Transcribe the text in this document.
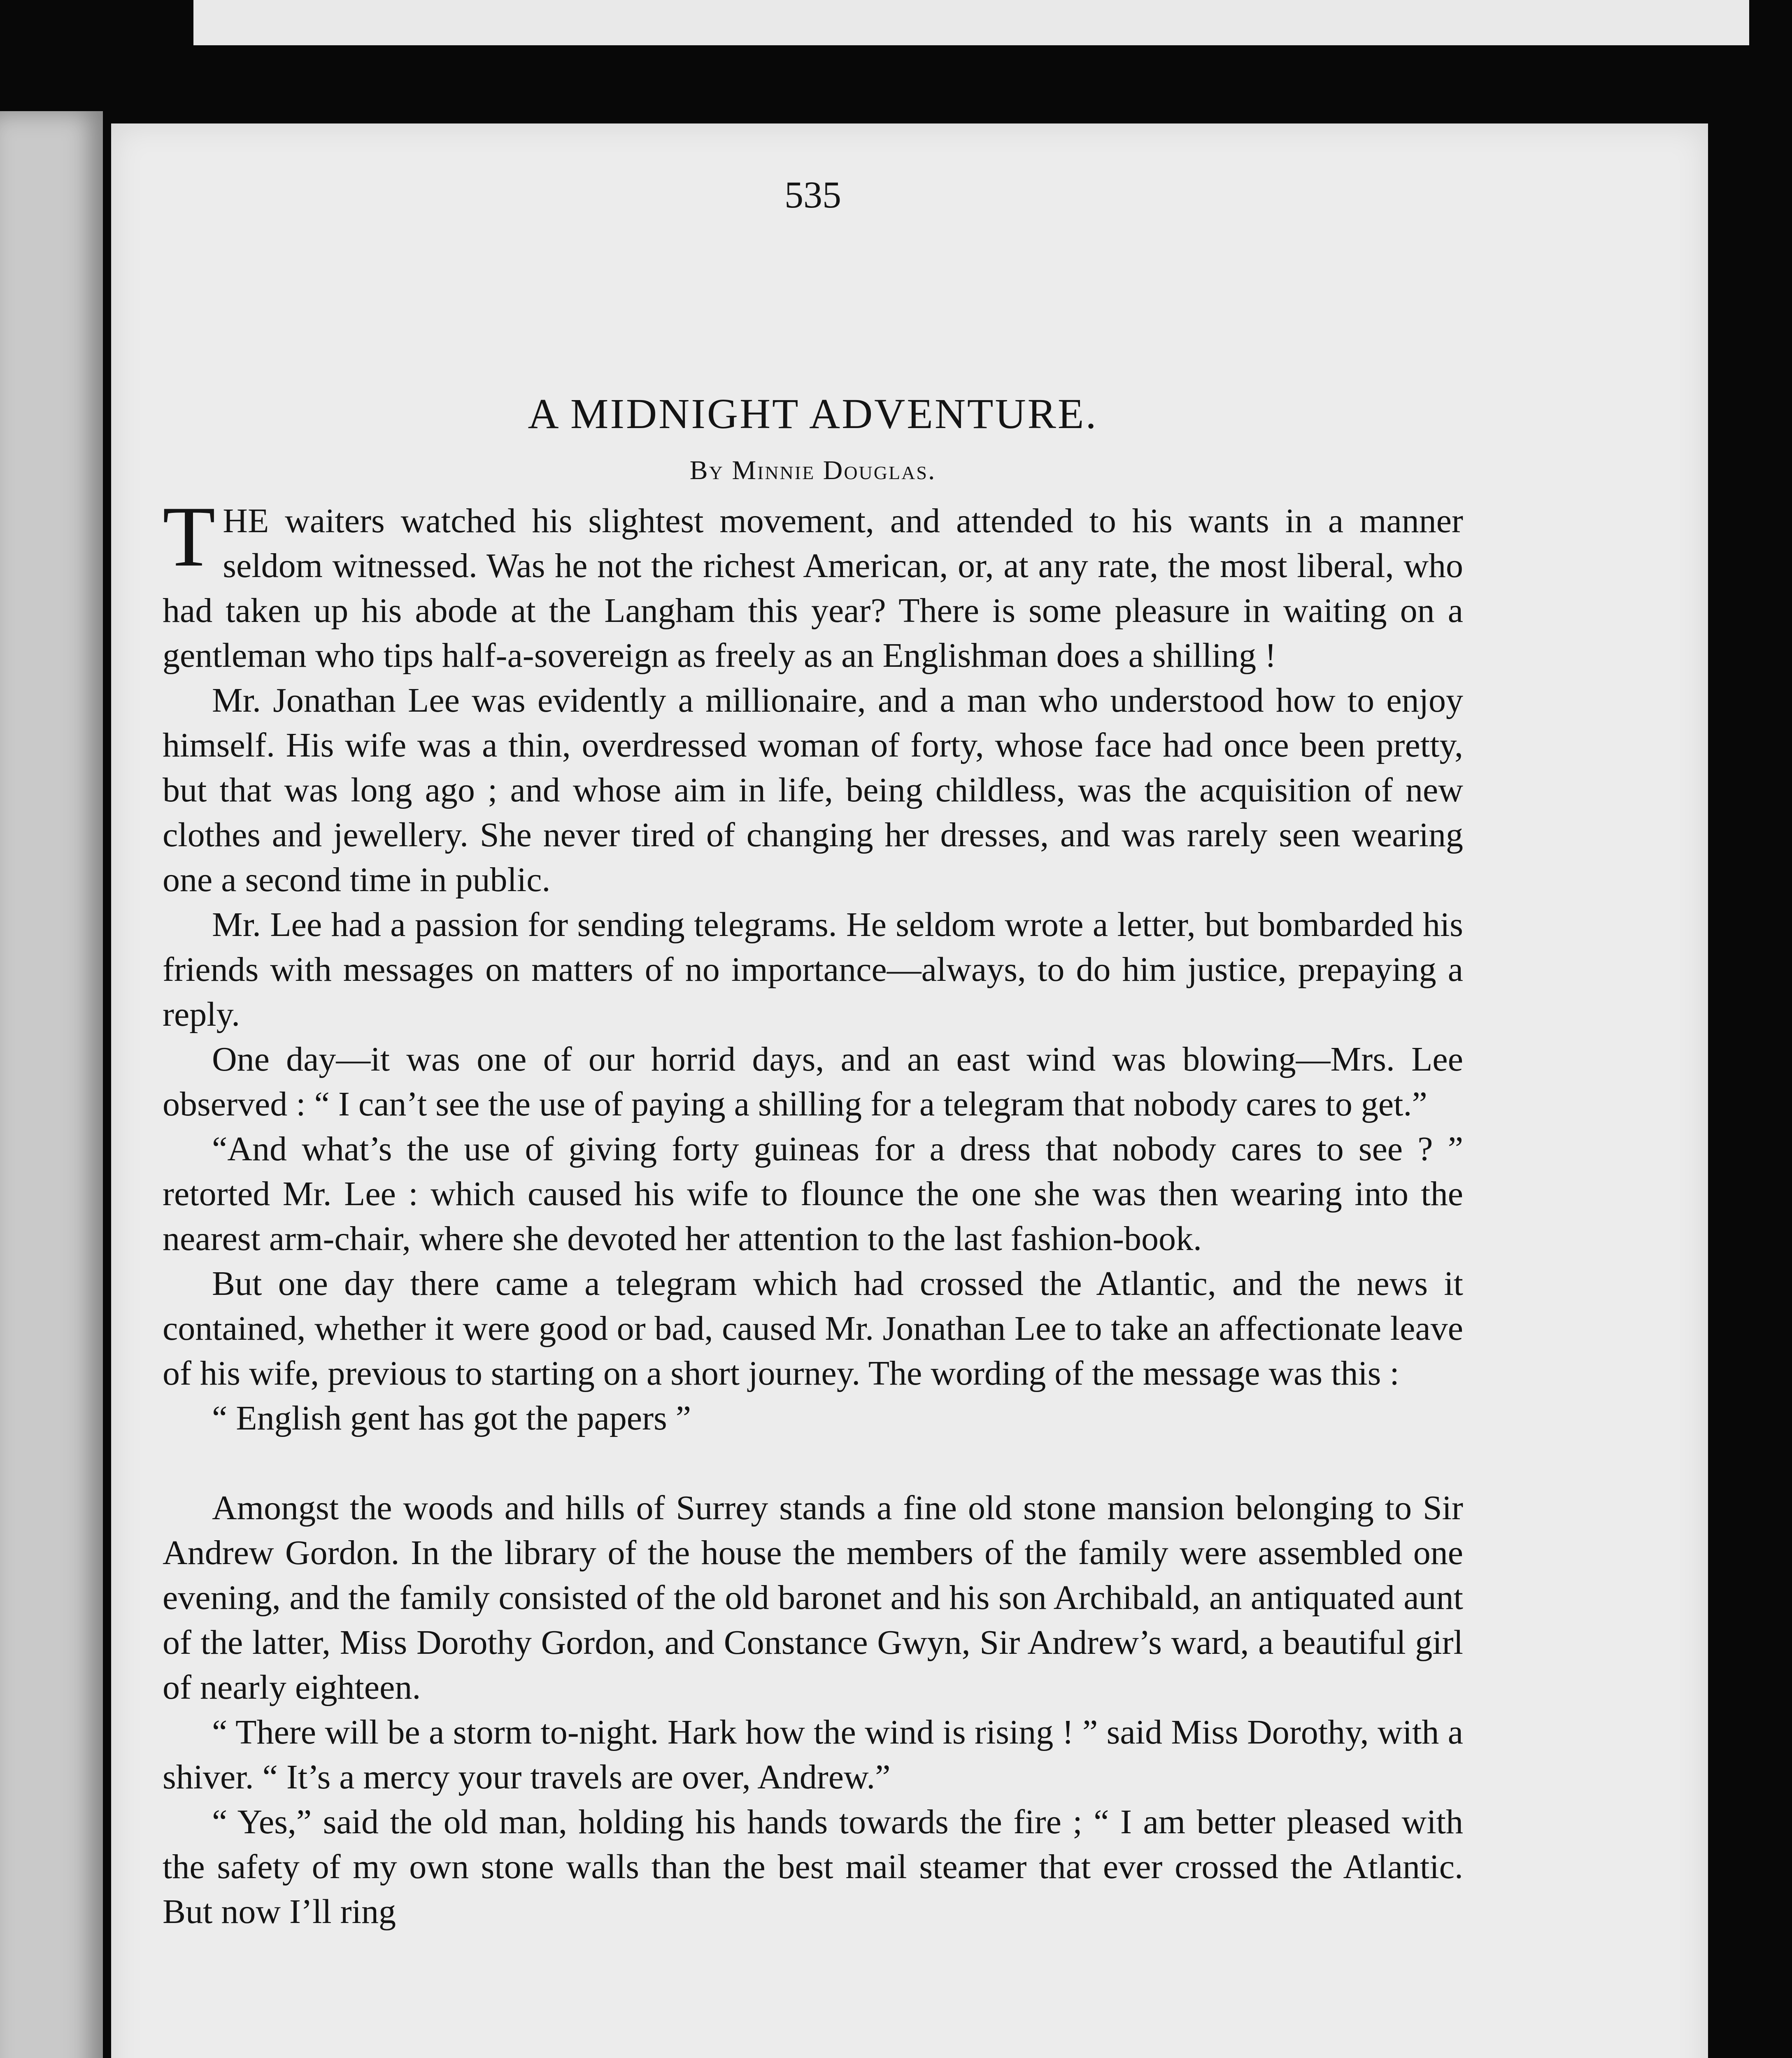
535
A MIDNIGHT ADVENTURE.
By Minnie Douglas.

T HE waiters watched his slightest movement, and attended to his wants in a manner seldom witnessed. Was he not the richest American, or, at any rate, the most liberal, who had taken up his abode at the Langham this year? There is some pleasure in waiting on a gentleman who tips half-a-sovereign as freely as an Englishman does a shilling !

Mr. Jonathan Lee was evidently a millionaire, and a man who understood how to enjoy himself. His wife was a thin, overdressed woman of forty, whose face had once been pretty, but that was long ago ; and whose aim in life, being childless, was the acquisition of new clothes and jewellery. She never tired of changing her dresses, and was rarely seen wearing one a second time in public.

Mr. Lee had a passion for sending telegrams. He seldom wrote a letter, but bombarded his friends with messages on matters of no importance—always, to do him justice, prepaying a reply.

One day—it was one of our horrid days, and an east wind was blowing—Mrs. Lee observed : “ I can’t see the use of paying a shilling for a telegram that nobody cares to get.”

“And what’s the use of giving forty guineas for a dress that nobody cares to see ? ” retorted Mr. Lee : which caused his wife to flounce the one she was then wearing into the nearest arm-chair, where she devoted her attention to the last fashion-book.

But one day there came a telegram which had crossed the Atlantic, and the news it contained, whether it were good or bad, caused Mr. Jonathan Lee to take an affectionate leave of his wife, previous to starting on a short journey. The wording of the message was this :

“ English gent has got the papers ”

Amongst the woods and hills of Surrey stands a fine old stone mansion belonging to Sir Andrew Gordon. In the library of the house the members of the family were assembled one evening, and the family consisted of the old baronet and his son Archibald, an antiquated aunt of the latter, Miss Dorothy Gordon, and Constance Gwyn, Sir Andrew’s ward, a beautiful girl of nearly eighteen.

“ There will be a storm to-night. Hark how the wind is rising ! ” said Miss Dorothy, with a shiver. “ It’s a mercy your travels are over, Andrew.”

“ Yes,” said the old man, holding his hands towards the fire ; “ I am better pleased with the safety of my own stone walls than the best mail steamer that ever crossed the Atlantic. But now I’ll ring
